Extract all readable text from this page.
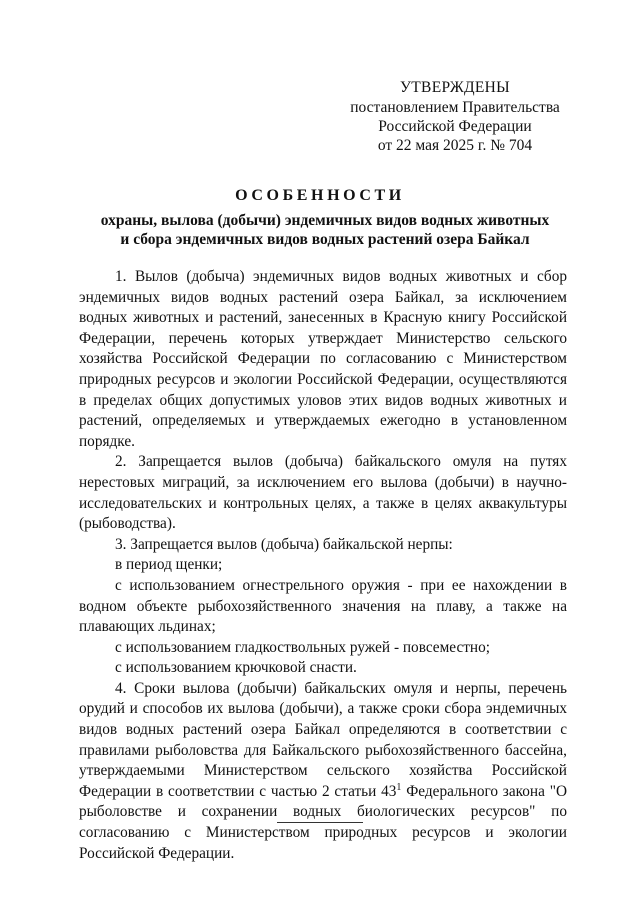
УТВЕРЖДЕНЫ
постановлением Правительства
Российской Федерации
от 22 мая 2025 г. № 704
ОСОБЕННОСТИ
охраны, вылова (добычи) эндемичных видов водных животных
и сбора эндемичных видов водных растений озера Байкал

1. Вылов (добыча) эндемичных видов водных животных и сбор эндемичных видов водных растений озера Байкал, за исключением водных животных и растений, занесенных в Красную книгу Российской Федерации, перечень которых утверждает Министерство сельского хозяйства Российской Федерации по согласованию с Министерством природных ресурсов и экологии Российской Федерации, осуществляются в пределах общих допустимых уловов этих видов водных животных и растений, определяемых и утверждаемых ежегодно в установленном порядке.

2. Запрещается вылов (добыча) байкальского омуля на путях нерестовых миграций, за исключением его вылова (добычи) в научно-исследовательских и контрольных целях, а также в целях аквакультуры (рыбоводства).

3. Запрещается вылов (добыча) байкальской нерпы:

в период щенки;

с использованием огнестрельного оружия - при ее нахождении в водном объекте рыбохозяйственного значения на плаву, а также на плавающих льдинах;

с использованием гладкоствольных ружей - повсеместно;

с использованием крючковой снасти.

4. Сроки вылова (добычи) байкальских омуля и нерпы, перечень орудий и способов их вылова (добычи), а также сроки сбора эндемичных видов водных растений озера Байкал определяются в соответствии с правилами рыболовства для Байкальского рыбохозяйственного бассейна, утверждаемыми Министерством сельского хозяйства Российской Федерации в соответствии с частью 2 статьи $43^1$ Федерального закона "О рыболовстве и сохранении водных биологических ресурсов" по согласованию с Министерством природных ресурсов и экологии Российской Федерации.
